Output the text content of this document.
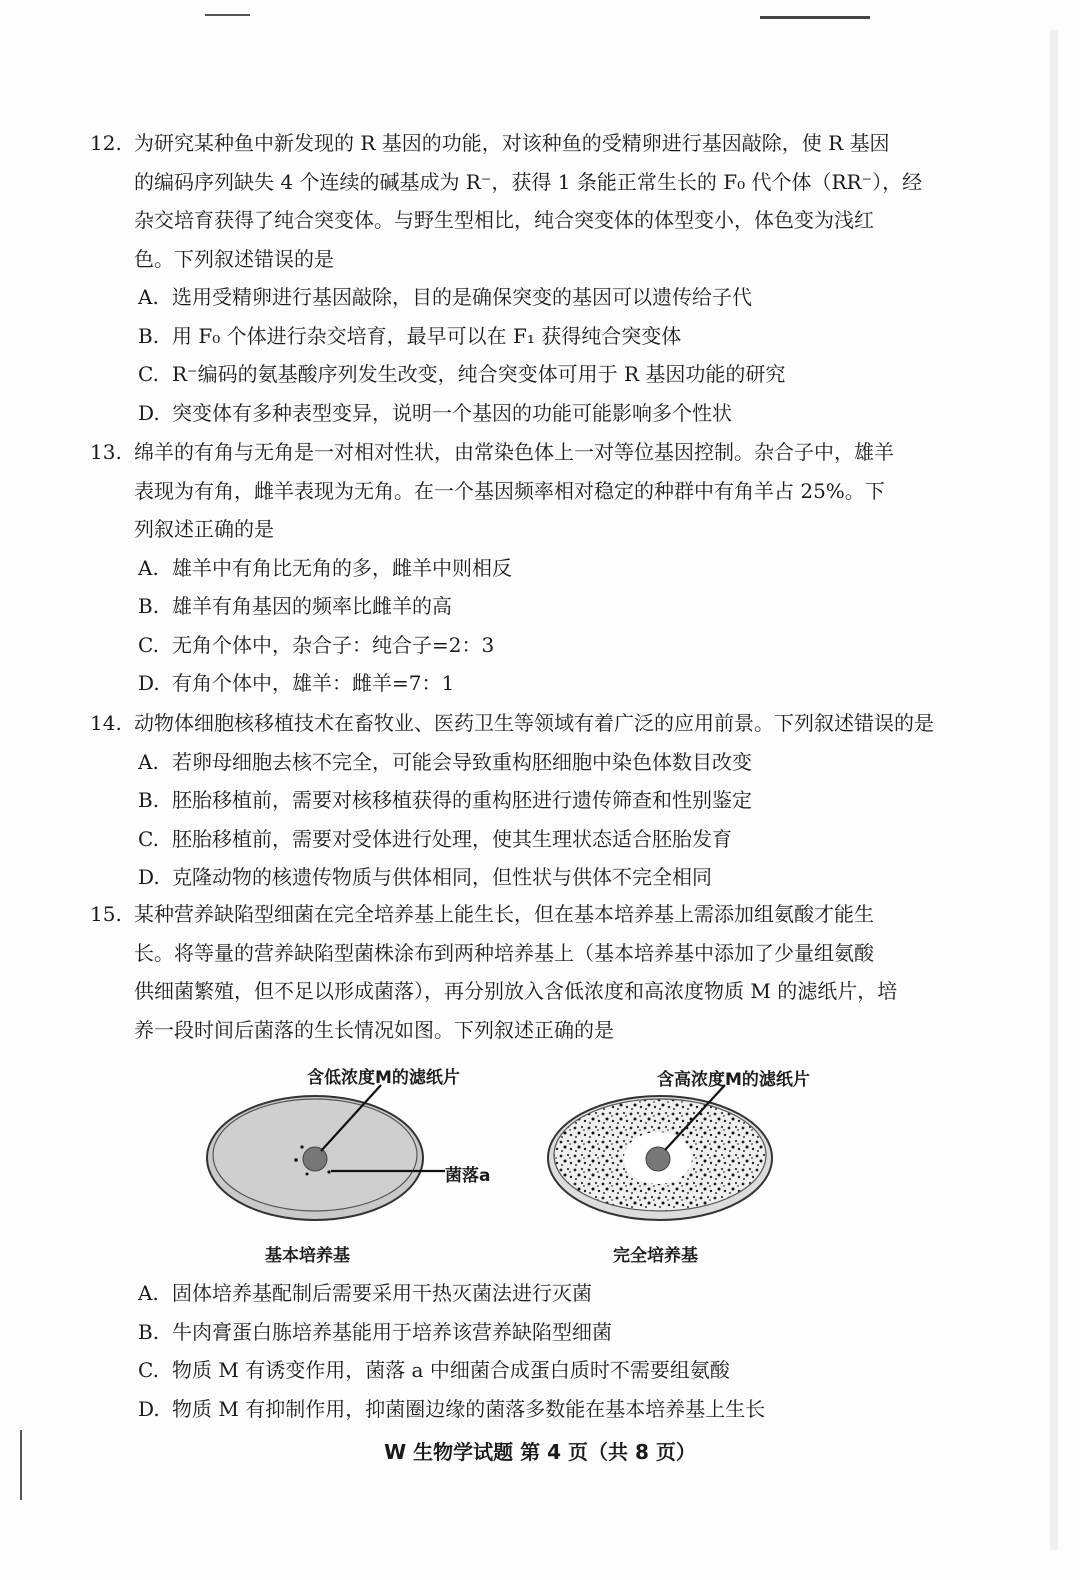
12. 为研究某种鱼中新发现的 R 基因的功能，对该种鱼的受精卵进行基因敲除，使 R 基因
的编码序列缺失 4 个连续的碱基成为 R⁻，获得 1 条能正常生长的 F₀ 代个体（RR⁻），经
杂交培育获得了纯合突变体。与野生型相比，纯合突变体的体型变小，体色变为浅红
色。下列叙述错误的是
A. 选用受精卵进行基因敲除，目的是确保突变的基因可以遗传给子代
B. 用 F₀ 个体进行杂交培育，最早可以在 F₁ 获得纯合突变体
C. R⁻编码的氨基酸序列发生改变，纯合突变体可用于 R 基因功能的研究
D. 突变体有多种表型变异，说明一个基因的功能可能影响多个性状
13. 绵羊的有角与无角是一对相对性状，由常染色体上一对等位基因控制。杂合子中，雄羊
表现为有角，雌羊表现为无角。在一个基因频率相对稳定的种群中有角羊占 25%。下
列叙述正确的是
A. 雄羊中有角比无角的多，雌羊中则相反
B. 雄羊有角基因的频率比雌羊的高
C. 无角个体中，杂合子：纯合子=2：3
D. 有角个体中，雄羊：雌羊=7：1
14. 动物体细胞核移植技术在畜牧业、医药卫生等领域有着广泛的应用前景。下列叙述错误的是
A. 若卵母细胞去核不完全，可能会导致重构胚细胞中染色体数目改变
B. 胚胎移植前，需要对核移植获得的重构胚进行遗传筛查和性别鉴定
C. 胚胎移植前，需要对受体进行处理，使其生理状态适合胚胎发育
D. 克隆动物的核遗传物质与供体相同，但性状与供体不完全相同
15. 某种营养缺陷型细菌在完全培养基上能生长，但在基本培养基上需添加组氨酸才能生
长。将等量的营养缺陷型菌株涂布到两种培养基上（基本培养基中添加了少量组氨酸
供细菌繁殖，但不足以形成菌落），再分别放入含低浓度和高浓度物质 M 的滤纸片，培
养一段时间后菌落的生长情况如图。下列叙述正确的是
含低浓度M的滤纸片	含高浓度M的滤纸片
菌落a
基本培养基	完全培养基
A. 固体培养基配制后需要采用干热灭菌法进行灭菌
B. 牛肉膏蛋白胨培养基能用于培养该营养缺陷型细菌
C. 物质 M 有诱变作用，菌落 a 中细菌合成蛋白质时不需要组氨酸
D. 物质 M 有抑制作用，抑菌圈边缘的菌落多数能在基本培养基上生长
W 生物学试题 第 4 页（共 8 页）
